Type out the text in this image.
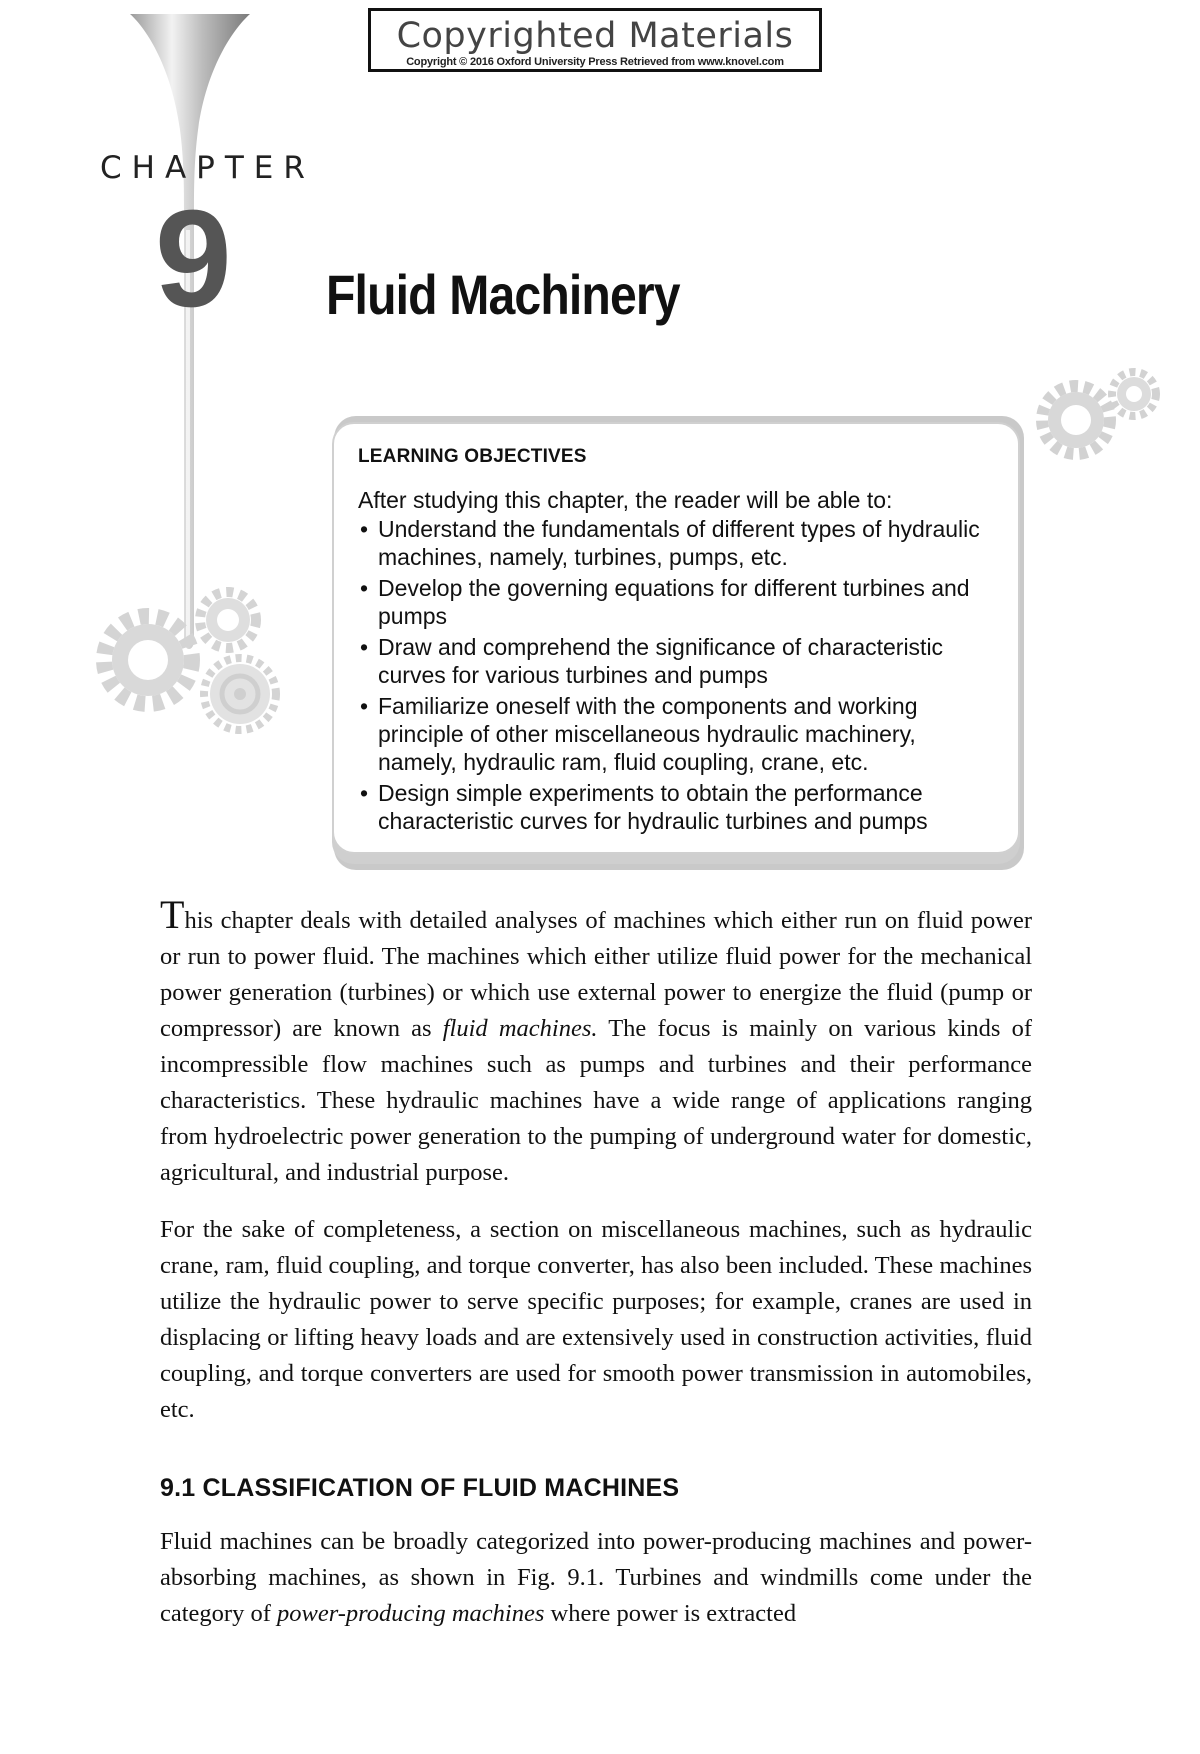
Copyrighted Materials
Copyright © 2016 Oxford University Press Retrieved from www.knovel.com
CHAPTER
9 Fluid Machinery
LEARNING OBJECTIVES
After studying this chapter, the reader will be able to:
• Understand the fundamentals of different types of hydraulic machines, namely, turbines, pumps, etc.
• Develop the governing equations for different turbines and pumps
• Draw and comprehend the significance of characteristic curves for various turbines and pumps
• Familiarize oneself with the components and working principle of other miscellaneous hydraulic machinery, namely, hydraulic ram, fluid coupling, crane, etc.
• Design simple experiments to obtain the performance characteristic curves for hydraulic turbines and pumps

This chapter deals with detailed analyses of machines which either run on fluid power or run to power fluid. The machines which either utilize fluid power for the mechanical power generation (turbines) or which use external power to energize the fluid (pump or compressor) are known as fluid machines. The focus is mainly on various kinds of incompressible flow machines such as pumps and turbines and their performance characteristics. These hydraulic machines have a wide range of applications ranging from hydroelectric power generation to the pumping of underground water for domestic, agricultural, and industrial purpose.

For the sake of completeness, a section on miscellaneous machines, such as hydraulic crane, ram, fluid coupling, and torque converter, has also been included. These machines utilize the hydraulic power to serve specific purposes; for example, cranes are used in displacing or lifting heavy loads and are extensively used in construction activities, fluid coupling, and torque converters are used for smooth power transmission in automobiles, etc.

9.1 CLASSIFICATION OF FLUID MACHINES

Fluid machines can be broadly categorized into power-producing machines and power-absorbing machines, as shown in Fig. 9.1. Turbines and windmills come under the category of power-producing machines where power is extracted
